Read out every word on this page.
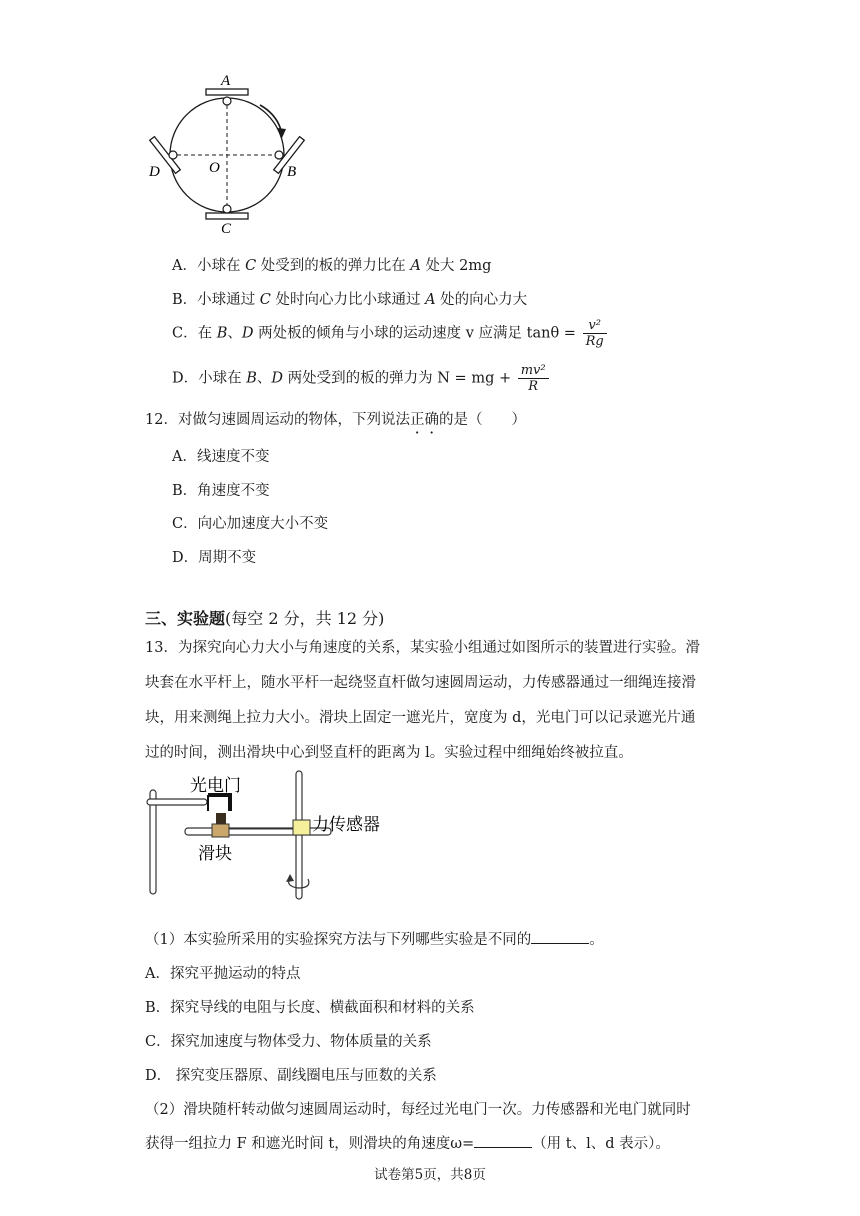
A
B
C
D	O
A．小球在 C 处受到的板的弹力比在 A 处大 2mg
B．小球通过 C 处时向心力比小球通过 A 处的向心力大
C．在 B、D 两处板的倾角与小球的运动速度 v 应满足 $\tan\theta = \frac{\text{v²}}{Rg}$
D．小球在 B、D 两处受到的板的弹力为 N = mg + $\frac{\text{mv²}}{R}$
12．对做匀速圆周运动的物体，下列说法正确的是（　　）
A．线速度不变
B．角速度不变
C．向心加速度大小不变
D．周期不变
三、实验题(每空 2 分，共 12 分)
13．为探究向心力大小与角速度的关系，某实验小组通过如图所示的装置进行实验。滑
块套在水平杆上，随水平杆一起绕竖直杆做匀速圆周运动，力传感器通过一细绳连接滑
块，用来测绳上拉力大小。滑块上固定一遮光片，宽度为 d，光电门可以记录遮光片通
过的时间，测出滑块中心到竖直杆的距离为 l。实验过程中细绳始终被拉直。
光电门
力传感器
滑块
（1）本实验所采用的实验探究方法与下列哪些实验是不同的	。
A．探究平抛运动的特点
B．探究导线的电阻与长度、横截面积和材料的关系
C．探究加速度与物体受力、物体质量的关系
D． 探究变压器原、副线圈电压与匝数的关系
（2）滑块随杆转动做匀速圆周运动时，每经过光电门一次。力传感器和光电门就同时
获得一组拉力 F 和遮光时间 t，则滑块的角速度ω=	（用 t、l、d 表示）。
试卷第5页，共8页
